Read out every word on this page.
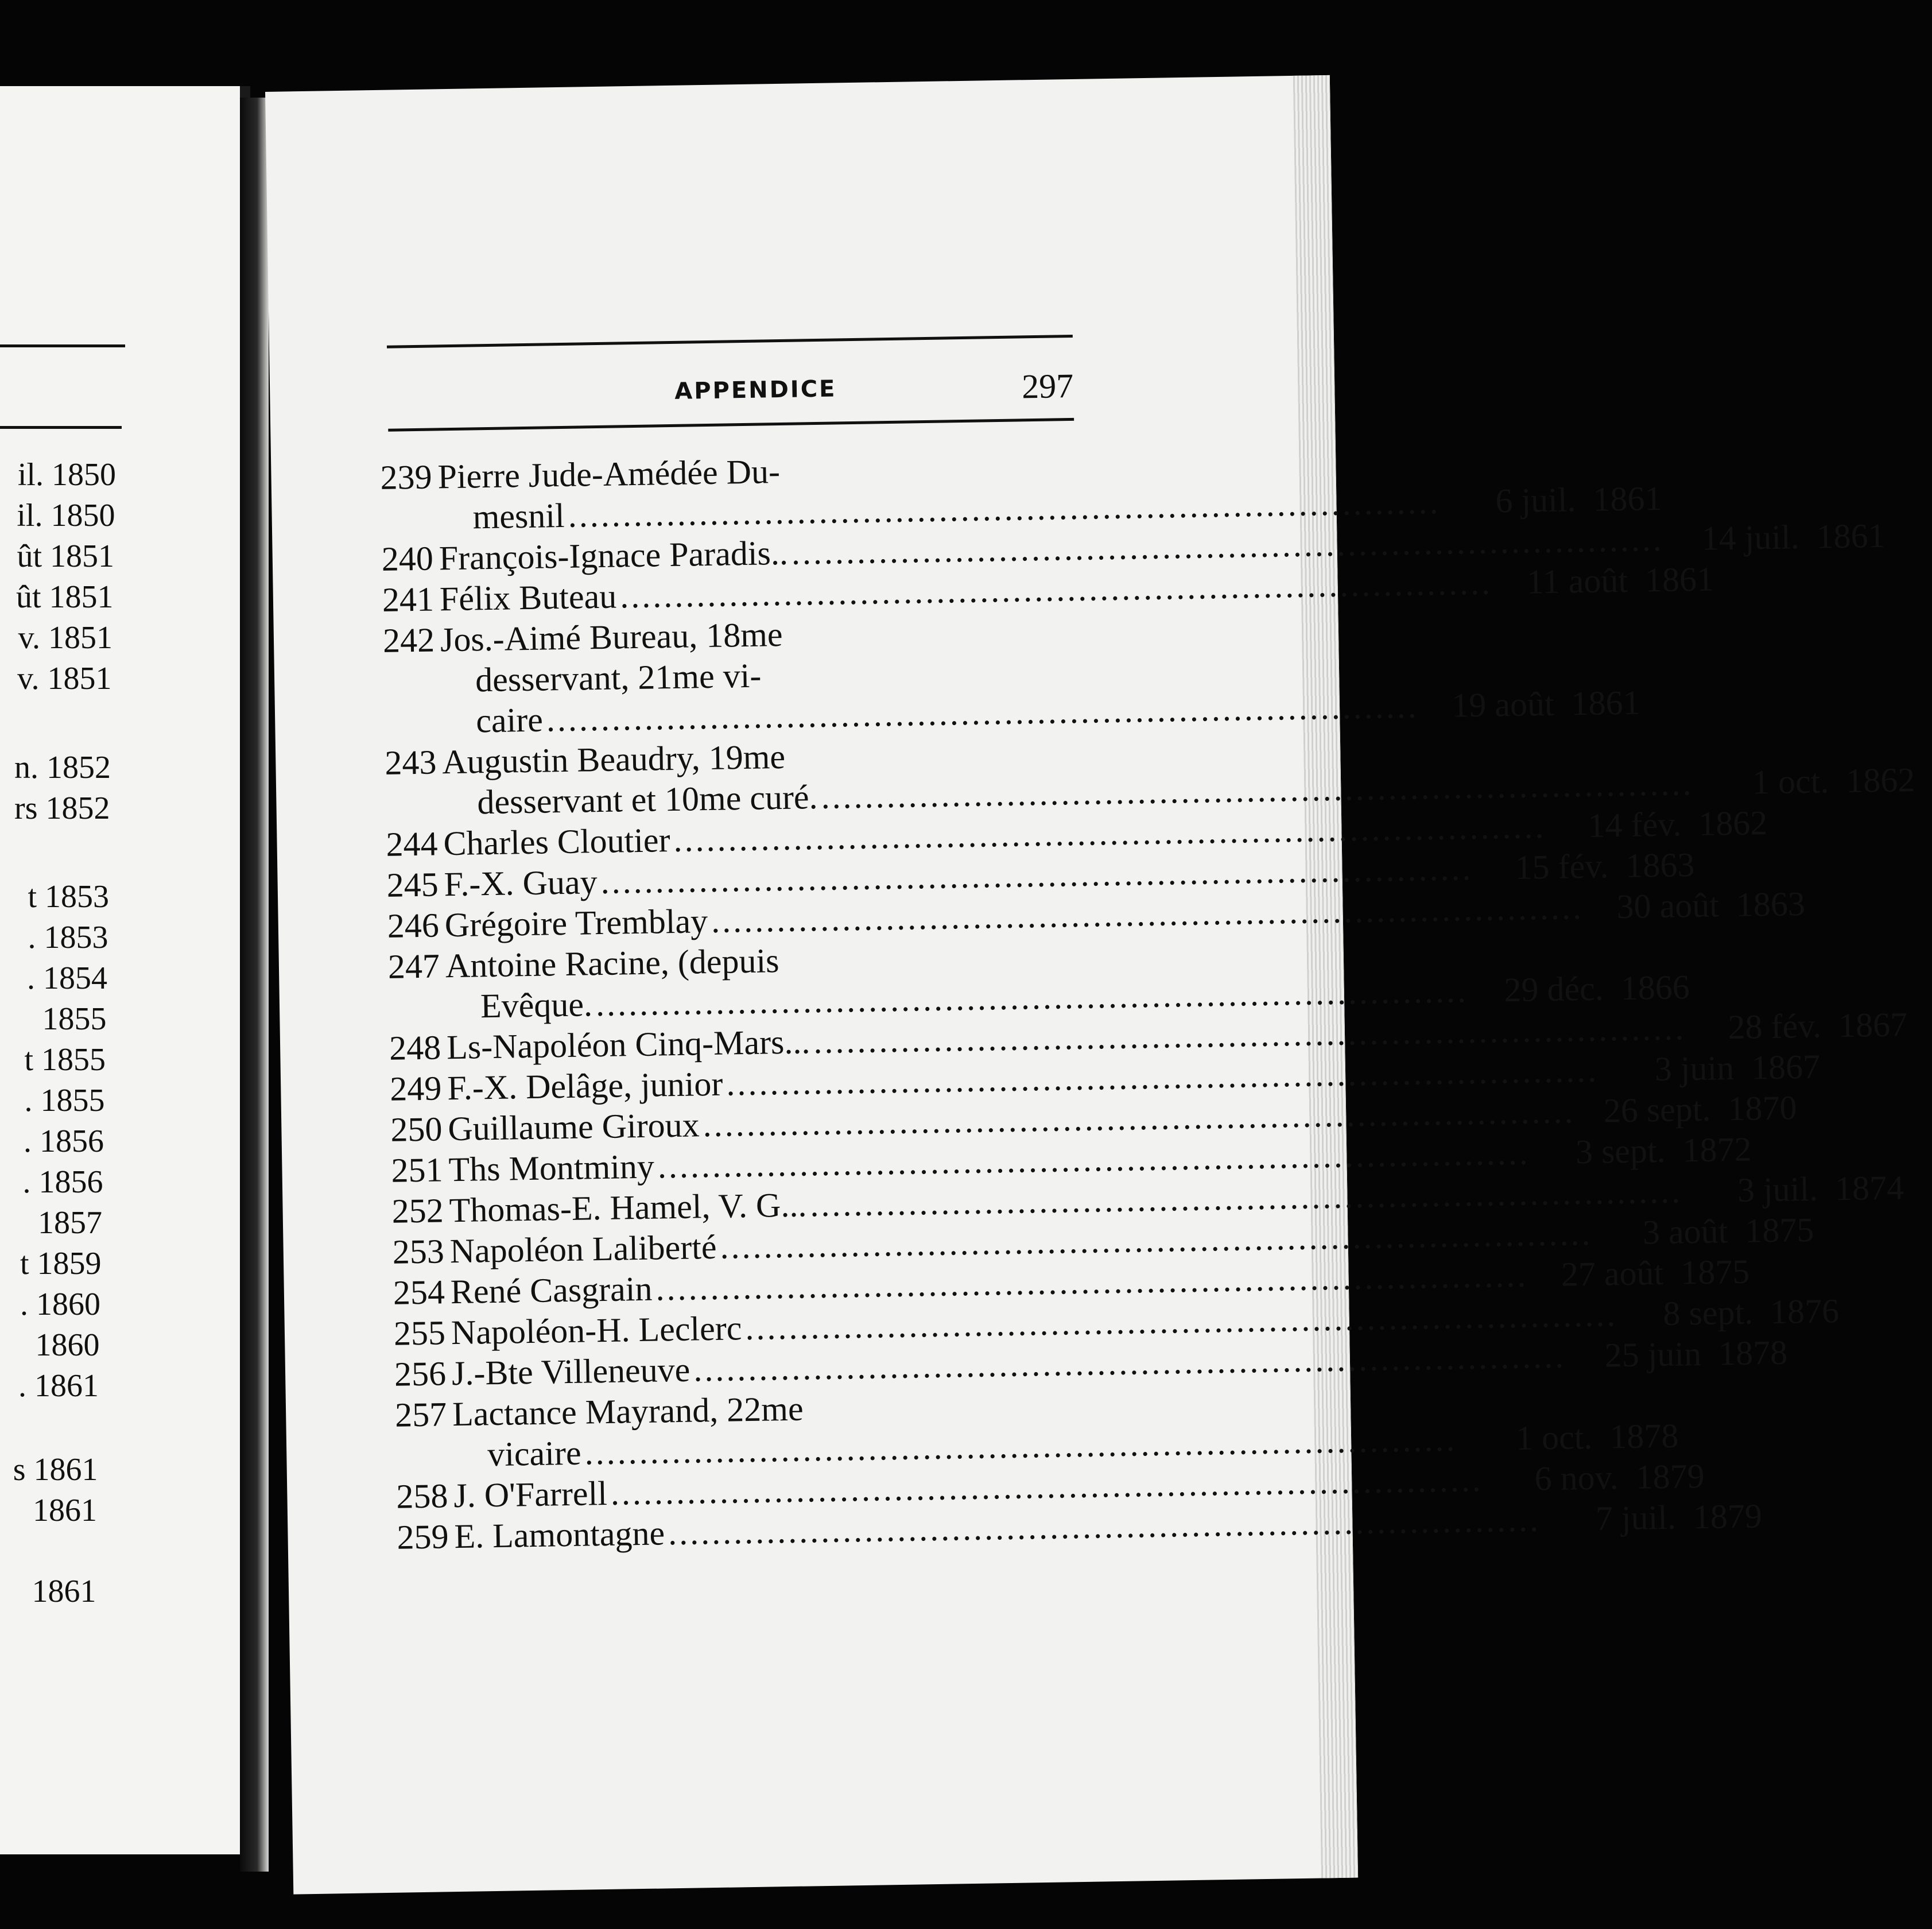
il. 1850
il. 1850
ût 1851
ût 1851
v. 1851
v. 1851
n. 1852
rs 1852
t 1853
. 1853
. 1854
1855
t 1855
. 1855
. 1856
. 1856
1857
t 1859
. 1860
1860
. 1861
s 1861
1861
1861
APPENDICE	297
239 Pierre Jude-Amédée Du-
mesnil ................................................................................	6 juil. 1861
240 François-Ignace Paradis.. ................................................................................	14 juil. 1861
241 Félix Buteau ................................................................................ 11 août 1861
242 Jos.-Aimé Bureau, 18me
desservant, 21me vi-
caire ................................................................................ 19 août 1861
243 Augustin Beaudry, 19me
desservant et 10me curé. ................................................................................	1 oct. 1862
244 Charles Cloutier ................................................................................	14 fév. 1862
245 F.-X. Guay ................................................................................	15 fév. 1863
246 Grégoire Tremblay ................................................................................ 30 août 1863
247 Antoine Racine, (depuis
Evêque. ................................................................................	29 déc. 1866
248 Ls-Napoléon Cinq-Mars... ................................................................................	28 fév. 1867
249 F.-X. Delâge, junior ................................................................................	3 juin 1867
250 Guillaume Giroux ................................................................................ 26 sept. 1870
251 Ths Montminy ................................................................................	3 sept. 1872
252 Thomas-E. Hamel, V. G... ................................................................................	3 juil. 1874
253 Napoléon Laliberté ................................................................................	3 août 1875
254 René Casgrain ................................................................................ 27 août 1875
255 Napoléon-H. Leclerc ................................................................................	8 sept. 1876
256 J.-Bte Villeneuve ................................................................................	25 juin 1878
257 Lactance Mayrand, 22me
vicaire ................................................................................	1 oct. 1878
258 J. O'Farrell ................................................................................	6 nov. 1879
259 E. Lamontagne ................................................................................	7 juil. 1879
